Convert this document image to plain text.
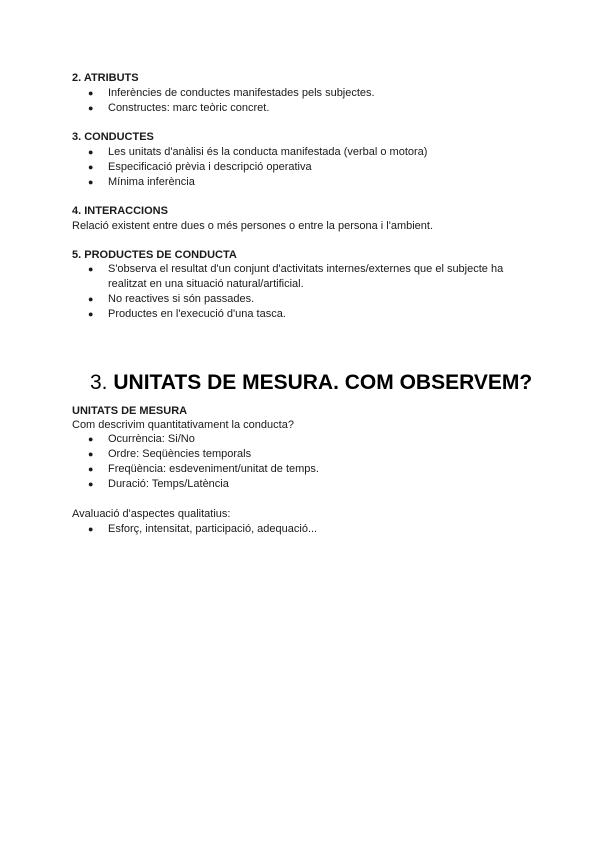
2. ATRIBUTS
● Inferències de conductes manifestades pels subjectes.
● Constructes: marc teòric concret.
3. CONDUCTES
● Les unitats d'anàlisi és la conducta manifestada (verbal o motora)
● Especificació prèvia i descripció operativa
● Mínima inferència
4. INTERACCIONS
Relació existent entre dues o més persones o entre la persona i l'ambient.
5. PRODUCTES DE CONDUCTA
● S'observa el resultat d'un conjunt d'activitats internes/externes que el subjecte ha realitzat en una situació natural/artificial.
● No reactives si són passades.
● Productes en l'execució d'una tasca.
3. UNITATS DE MESURA. COM OBSERVEM?
UNITATS DE MESURA
Com descrivim quantitativament la conducta?
● Ocurrència: Si/No
● Ordre: Seqüències temporals
● Freqüència: esdeveniment/unitat de temps.
● Duració: Temps/Latència
Avaluació d'aspectes qualitatius:
● Esforç, intensitat, participació, adequació...
